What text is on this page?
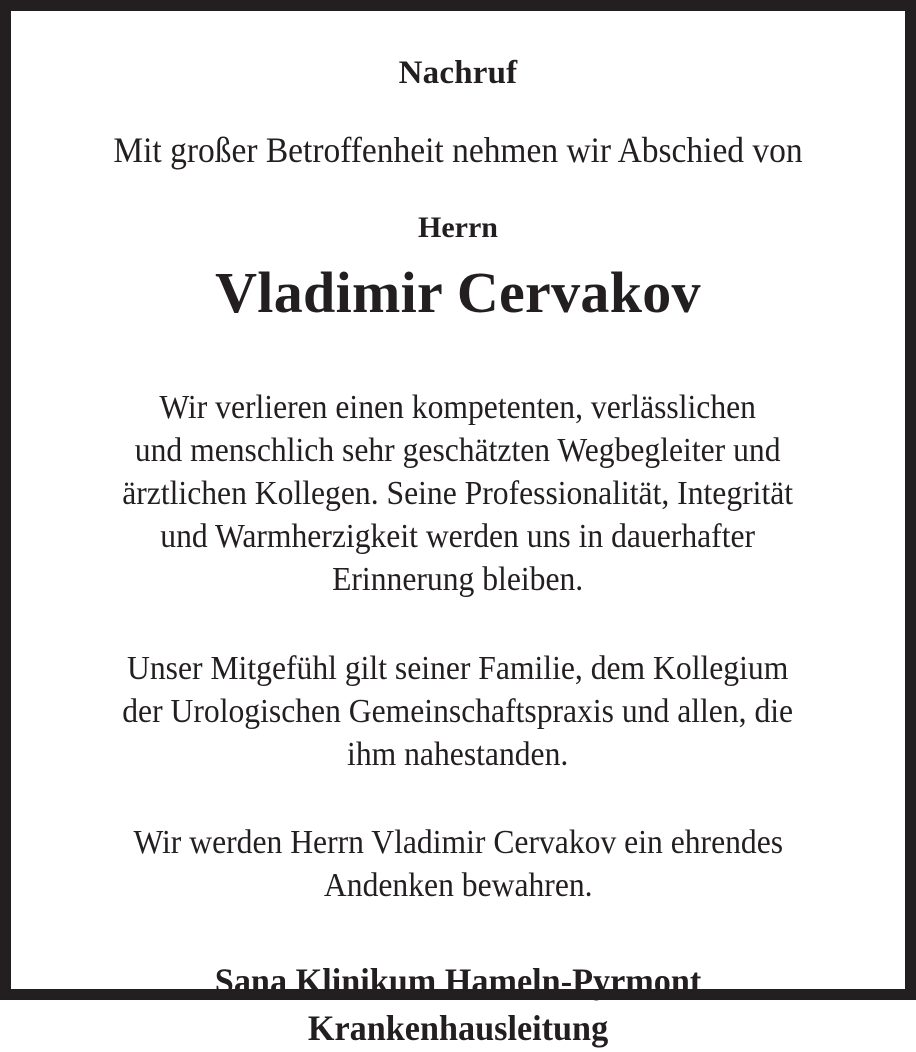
Nachruf
Mit großer Betroffenheit nehmen wir Abschied von
Herrn
Vladimir Cervakov
Wir verlieren einen kompetenten, verlässlichen
und menschlich sehr geschätzten Wegbegleiter und
ärztlichen Kollegen. Seine Professionalität, Integrität
und Warmherzigkeit werden uns in dauerhafter
Erinnerung bleiben.
Unser Mitgefühl gilt seiner Familie, dem Kollegium
der Urologischen Gemeinschaftspraxis und allen, die
ihm nahestanden.
Wir werden Herrn Vladimir Cervakov ein ehrendes
Andenken bewahren.
Sana Klinikum Hameln-Pyrmont
Krankenhausleitung
